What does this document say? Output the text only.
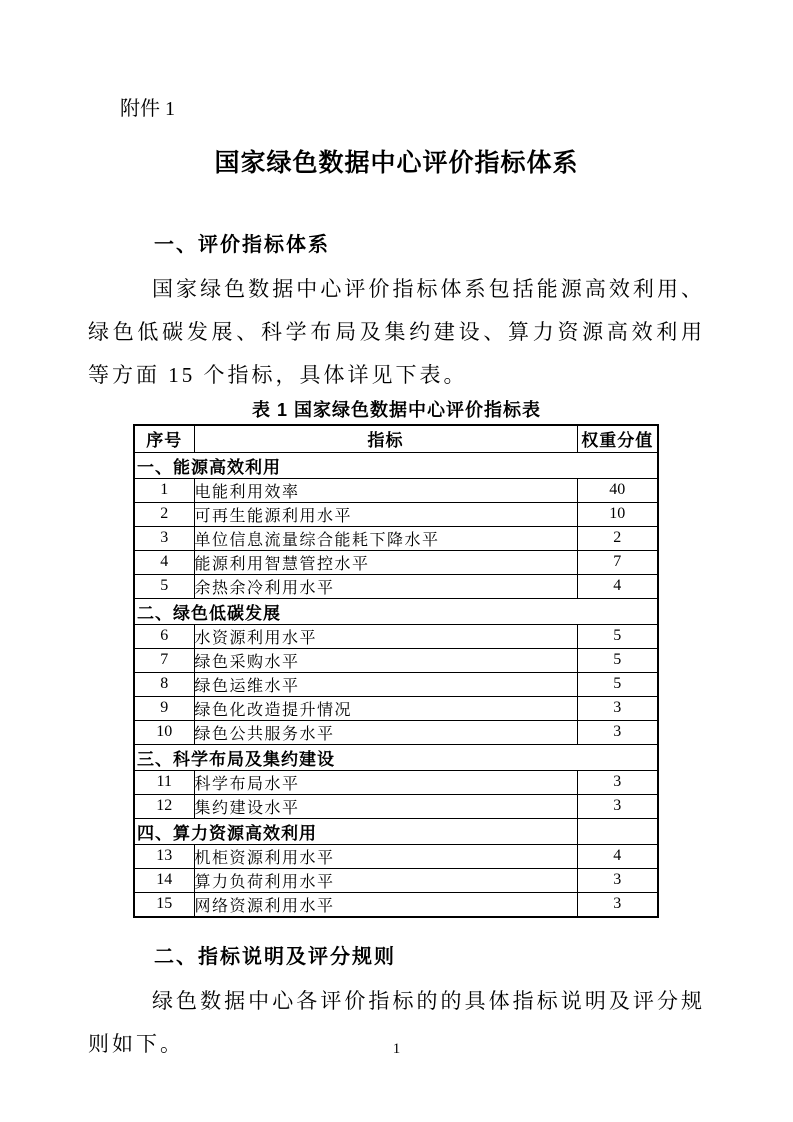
附件 1
国家绿色数据中心评价指标体系
一、评价指标体系
国家绿色数据中心评价指标体系包括能源高效利用、绿色低碳发展、科学布局及集约建设、算力资源高效利用等方面 15 个指标，具体详见下表。
表 1 国家绿色数据中心评价指标表
序号	指标	权重分值
一、能源高效利用		
1	电能利用效率	40
2	可再生能源利用水平	10
3	单位信息流量综合能耗下降水平	2
4	能源利用智慧管控水平	7
5	余热余冷利用水平	4
二、绿色低碳发展		
6	水资源利用水平	5
7	绿色采购水平	5
8	绿色运维水平	5
9	绿色化改造提升情况	3
10	绿色公共服务水平	3
三、科学布局及集约建设		
11	科学布局水平	3
12	集约建设水平	3
四、算力资源高效利用		
13	机柜资源利用水平	4
14	算力负荷利用水平	3
15	网络资源利用水平	3
二、指标说明及评分规则
绿色数据中心各评价指标的的具体指标说明及评分规则如下。	1
